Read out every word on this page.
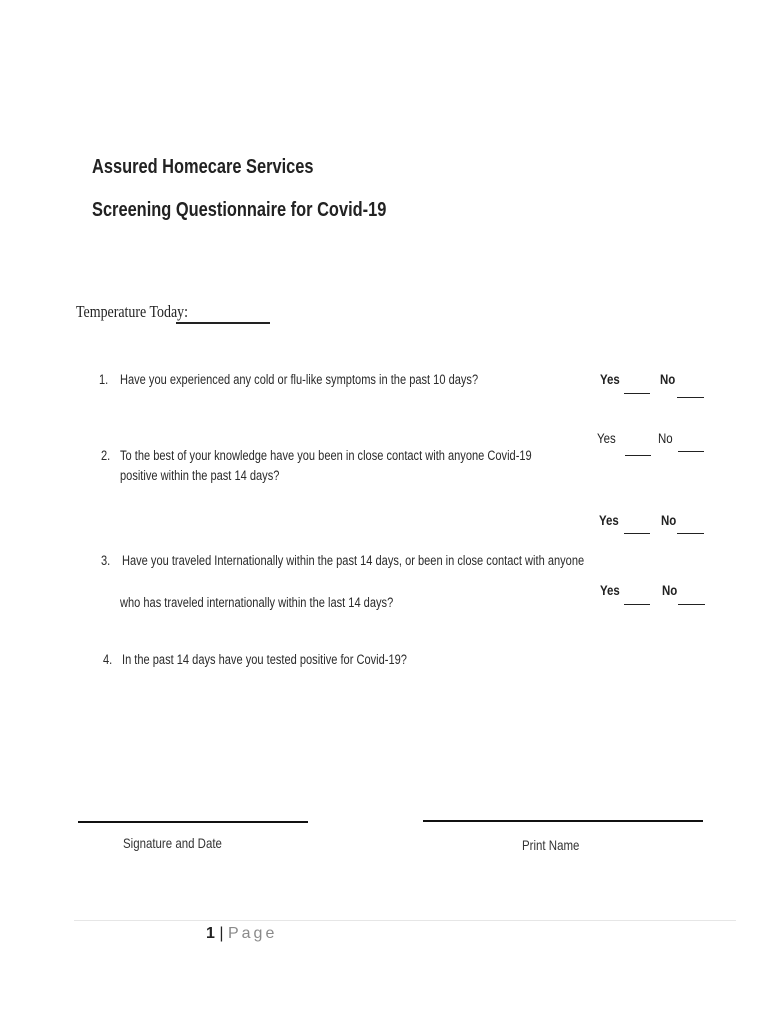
Assured Homecare Services
Screening Questionnaire for Covid-19
Temperature Today:
1. Have you experienced any cold or flu-like symptoms in the past 10 days?	Yes	No
Yes	No
2. To the best of your knowledge have you been in close contact with anyone Covid-19
positive within the past 14 days?
Yes	No
3. Have you traveled Internationally within the past 14 days, or been in close contact with anyone
who has traveled internationally within the last 14 days?
Yes	No
4. In the past 14 days have you tested positive for Covid-19?
Signature and Date	Print Name
1 | Page
